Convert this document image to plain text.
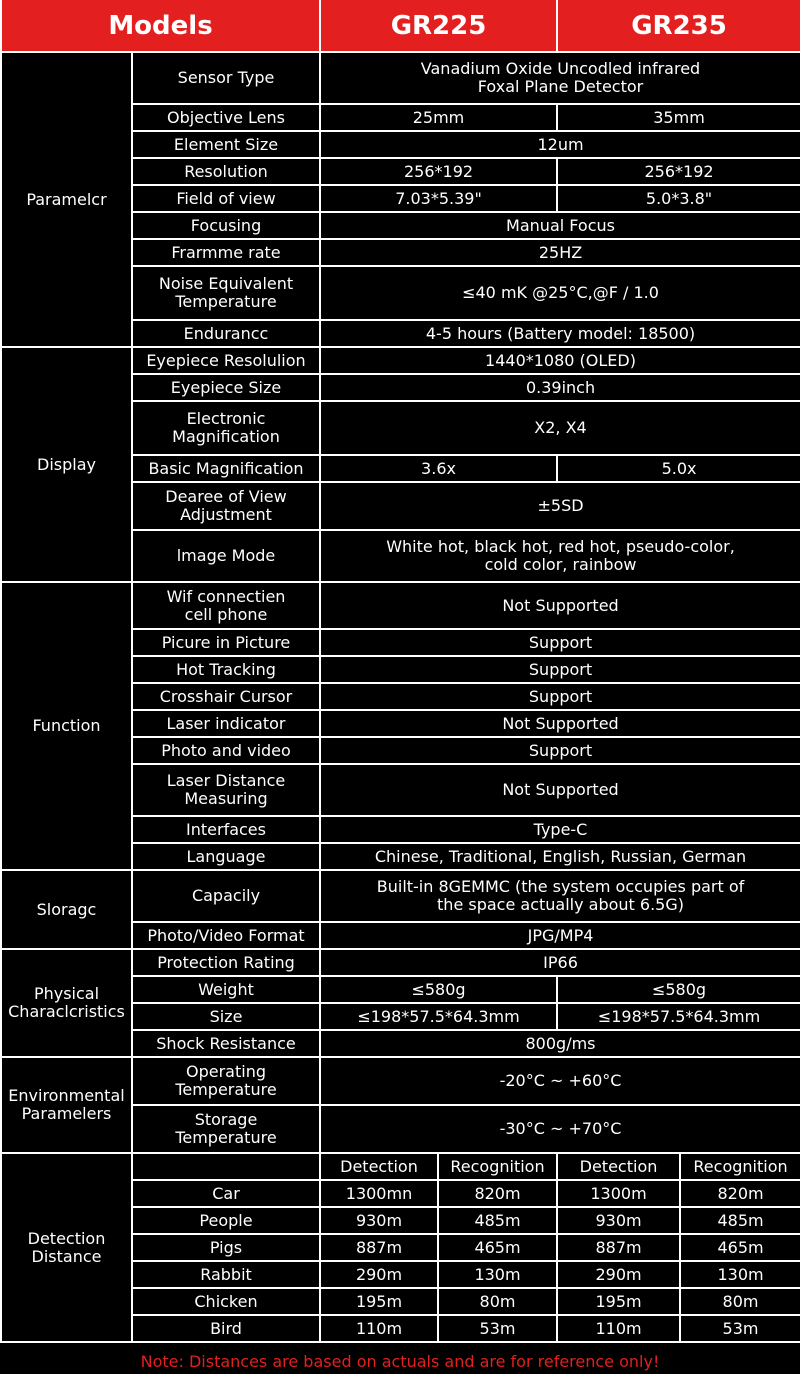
Models		GR225		GR235	
Paramelcr	Sensor Type	Vanadium Oxide Uncodled infrared
Foxal Plane Detector			
	Objective Lens	25mm		35mm	
	Element Size	12um			
	Resolution	256*192		256*192	
	Field of view	7.03*5.39"		5.0*3.8"	
	Focusing	Manual Focus			
	Frarmme rate	25HZ			
	Noise Equivalent
Temperature	≤40 mK @25°C,@F / 1.0			
	Endurancc	4-5 hours (Battery model: 18500)			
Display	Eyepiece Resolulion	1440*1080 (OLED)			
	Eyepiece Size	0.39inch			
	Electronic
Magnification	X2, X4			
	Basic Magnification	3.6x		5.0x	
	Dearee of View
Adjustment	±5SD			
	lmage Mode	White hot, black hot, red hot, pseudo-color,
cold color, rainbow			
Function	Wif connectien
cell phone	Not Supported			
	Picure in Picture	Support			
	Hot Tracking	Support			
	Crosshair Cursor	Support			
	Laser indicator	Not Supported			
	Photo and video	Support			
	Laser Distance
Measuring	Not Supported			
	Interfaces	Type-C			
	Language	Chinese, Traditional, English, Russian, German			
Sloragc	Capacily	Built-in 8GEMMC (the system occupies part of
the space actually about 6.5G)			
	Photo/Video Format	JPG/MP4			
Physical
Characlcristics	Protection Rating	IP66			
	Weight	≤580g		≤580g	
	Size	≤198*57.5*64.3mm		≤198*57.5*64.3mm	
	Shock Resistance	800g/ms			
Environmental
Paramelers	Operating
Temperature	-20°C ~ +60°C			
	Storage
Temperature	-30°C ~ +70°C			
Detection
Distance		Detection	Recognition	Detection	Recognition
	Car	1300mn	820m	1300m	820m
	People	930m	485m	930m	485m
	Pigs	887m	465m	887m	465m
	Rabbit	290m	130m	290m	130m
	Chicken	195m	80m	195m	80m
	Bird	110m	53m	110m	53m
Note: Distances are based on actuals and are for reference only!
